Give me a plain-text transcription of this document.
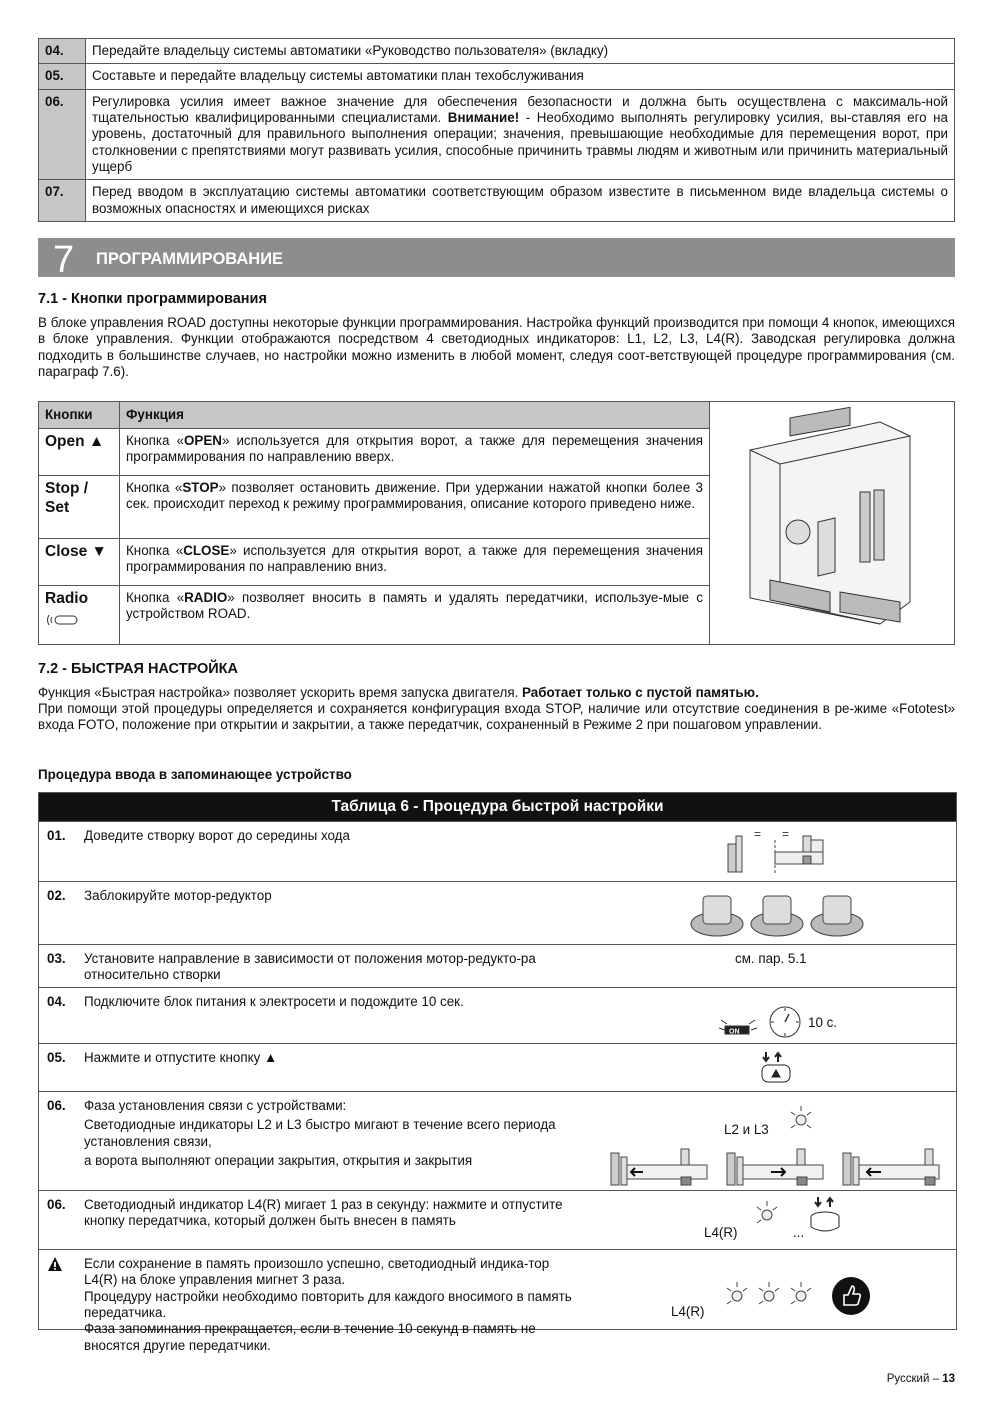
04.	Передайте владельцу системы автоматики «Руководство пользователя» (вкладку)
05.	Составьте и передайте владельцу системы автоматики план техобслуживания
06.	Регулировка усилия имеет важное значение для обеспечения безопасности и должна быть осуществлена с максималь-ной тщательностью квалифицированными специалистами. Внимание! - Необходимо выполнять регулировку усилия, вы-ставляя его на уровень, достаточный для правильного выполнения операции; значения, превышающие необходимые для перемещения ворот, при столкновении с препятствиями могут развивать усилия, способные причинить травмы людям и животным или причинить материальный ущерб
07.	Перед вводом в эксплуатацию системы автоматики соответствующим образом известите в письменном виде владельца системы о возможных опасностях и имеющихся рисках
7 ПРОГРАММИРОВАНИЕ
7.1 - Кнопки программирования

В блоке управления ROAD доступны некоторые функции программирования. Настройка функций производится при помощи 4 кнопок, имеющихся в блоке управления. Функции отображаются посредством 4 светодиодных индикаторов: L1, L2, L3, L4(R). Заводская регулировка должна подходить в большинстве случаев, но настройки можно изменить в любой момент, следуя соот-ветствующей процедуре программирования (см. параграф 7.6).

Кнопки	Функция	
Open ▲	Кнопка «OPEN» используется для открытия ворот, а также для перемещения значения программирования по направлению вверх.	
Stop / Set	Кнопка «STOP» позволяет остановить движение. При удержании нажатой кнопки более 3 сек. происходит переход к режиму программирования, описание которого приведено ниже.	
Close ▼	Кнопка «CLOSE» используется для открытия ворот, а также для перемещения значения программирования по направлению вниз.	

Radio	Кнопка «RADIO» позволяет вносить в память и удалять передатчики, используе-мые с устройством ROAD.	
7.2 - БЫСТРАЯ НАСТРОЙКА

Функция «Быстрая настройка» позволяет ускорить время запуска двигателя. Работает только с пустой памятью.

При помощи этой процедуры определяется и сохраняется конфигурация входа STOP, наличие или отсутствие соединения в ре-жиме «Fototest» входа FOTO, положение при открытии и закрытии, а также передатчик, сохраненный в Режиме 2 при пошаговом управлении.

Процедура ввода в запоминающее устройство
Таблица 6 - Процедура быстрой настройки
01. Доведите створку ворот до середины хода	= =
02. Заблокируйте мотор-редуктор
03. Установите направление в зависимости от положения мотор-редукто-ра относительно створки
см. пар. 5.1
04. Подключите блок питания к электросети и подождите 10 сек.
ON
10 с.
05. Нажмите и отпустите кнопку ▲
06. Фаза установления связи с устройствами:

Светодиодные индикаторы L2 и L3 быстро мигают в течение всего периода установления связи,

а ворота выполняют операции закрытия, открытия и закрытия

L2 и L3
06. Светодиодный индикатор L4(R) мигает 1 раз в секунду: нажмите и отпустите кнопку передатчика, который должен быть внесен в память
L4(R)	...

Если сохранение в память произошло успешно, светодиодный индика-тор L4(R) на блоке управления мигнет 3 раза.

Процедуру настройки необходимо повторить для каждого вносимого в память передатчика.

Фаза запоминания прекращается, если в течение 10 секунд в память не вносятся другие передатчики.

L4(R)
Русский – 13
